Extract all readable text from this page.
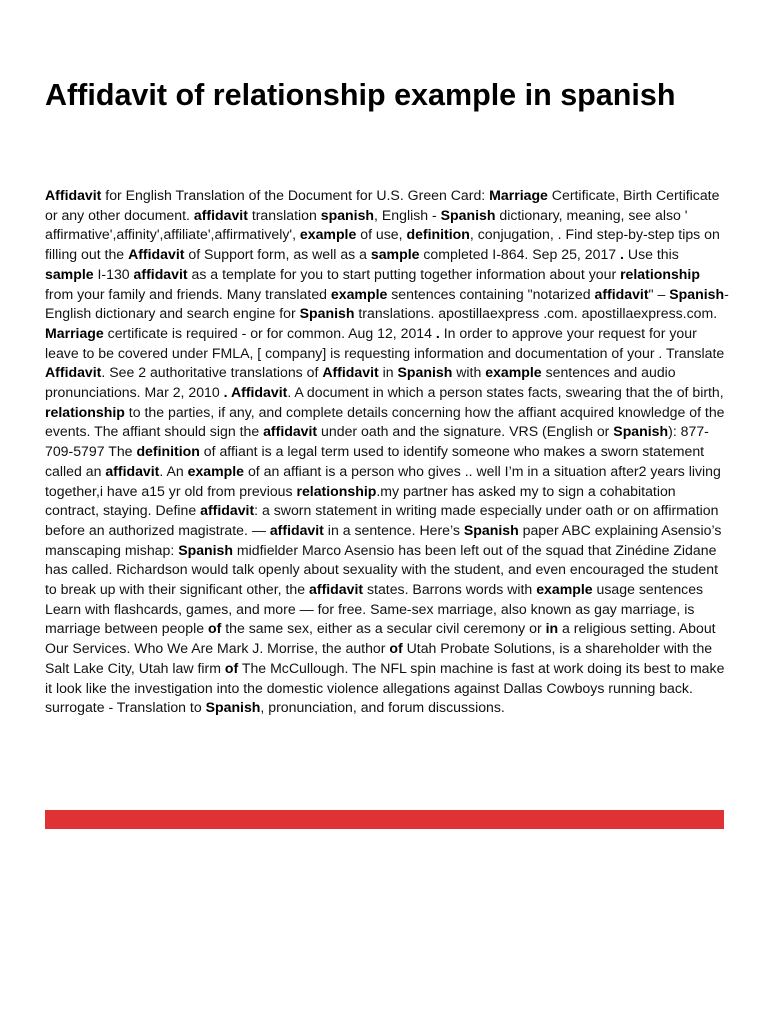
Affidavit of relationship example in spanish

Affidavit for English Translation of the Document for U.S. Green Card: Marriage Certificate, Birth Certificate or any other document. affidavit translation spanish, English - Spanish dictionary, meaning, see also ' affirmative',affinity',affiliate',affirmatively', example of use, definition, conjugation, . Find step-by-step tips on filling out the Affidavit of Support form, as well as a sample completed I-864. Sep 25, 2017 . Use this sample I-130 affidavit as a template for you to start putting together information about your relationship from your family and friends. Many translated example sentences containing "notarized affidavit" – Spanish- English dictionary and search engine for Spanish translations. apostillaexpress .com. apostillaexpress.com. Marriage certificate is required - or for common. Aug 12, 2014 . In order to approve your request for your leave to be covered under FMLA, [ company] is requesting information and documentation of your . Translate Affidavit. See 2 authoritative translations of Affidavit in Spanish with example sentences and audio pronunciations. Mar 2, 2010 . Affidavit. A document in which a person states facts, swearing that the of birth, relationship to the parties, if any, and complete details concerning how the affiant acquired knowledge of the events. The affiant should sign the affidavit under oath and the signature. VRS (English or Spanish): 877-709-5797 The definition of affiant is a legal term used to identify someone who makes a sworn statement called an affidavit. An example of an affiant is a person who gives .. well I’m in a situation after2 years living together,i have a15 yr old from previous relationship.my partner has asked my to sign a cohabitation contract, staying. Define affidavit: a sworn statement in writing made especially under oath or on affirmation before an authorized magistrate. — affidavit in a sentence. Here’s Spanish paper ABC explaining Asensio’s manscaping mishap: Spanish midfielder Marco Asensio has been left out of the squad that Zinédine Zidane has called. Richardson would talk openly about sexuality with the student, and even encouraged the student to break up with their significant other, the affidavit states. Barrons words with example usage sentences Learn with flashcards, games, and more — for free. Same-sex marriage, also known as gay marriage, is marriage between people of the same sex, either as a secular civil ceremony or in a religious setting. About Our Services. Who We Are Mark J. Morrise, the author of Utah Probate Solutions, is a shareholder with the Salt Lake City, Utah law firm of The McCullough. The NFL spin machine is fast at work doing its best to make it look like the investigation into the domestic violence allegations against Dallas Cowboys running back. surrogate - Translation to Spanish, pronunciation, and forum discussions.
